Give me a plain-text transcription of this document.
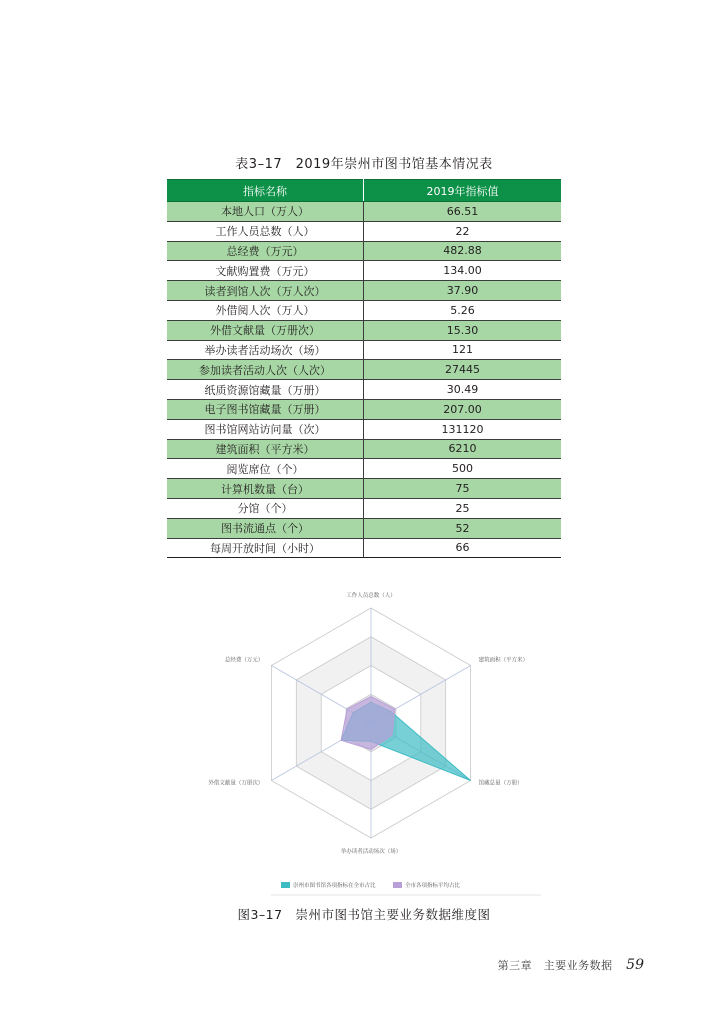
表3–17　2019年崇州市图书馆基本情况表
指标名称	2019年指标值
本地人口（万人）	66.51
工作人员总数（人）	22
总经费（万元）	482.88
文献购置费（万元）	134.00
读者到馆人次（万人次）	37.90
外借阅人次（万人）	5.26
外借文献量（万册次）	15.30
举办读者活动场次（场）	121
参加读者活动人次（人次）	27445
纸质资源馆藏量（万册）	30.49
电子图书馆藏量（万册）	207.00
图书馆网站访问量（次）	131120
建筑面积（平方米）	6210
阅览席位（个）	500
计算机数量（台）	75
分馆（个）	25
图书流通点（个）	52
每周开放时间（小时）	66
工作人员总数（人）
建筑面积（平方米）
馆藏总量（万册）
举办读者活动场次（场）
外借文献量（万册次）
总经费（万元）
崇州市图书馆各项指标在全市占比	全市各项指标平均占比
图3–17　崇州市图书馆主要业务数据维度图
第三章　主要业务数据 59
